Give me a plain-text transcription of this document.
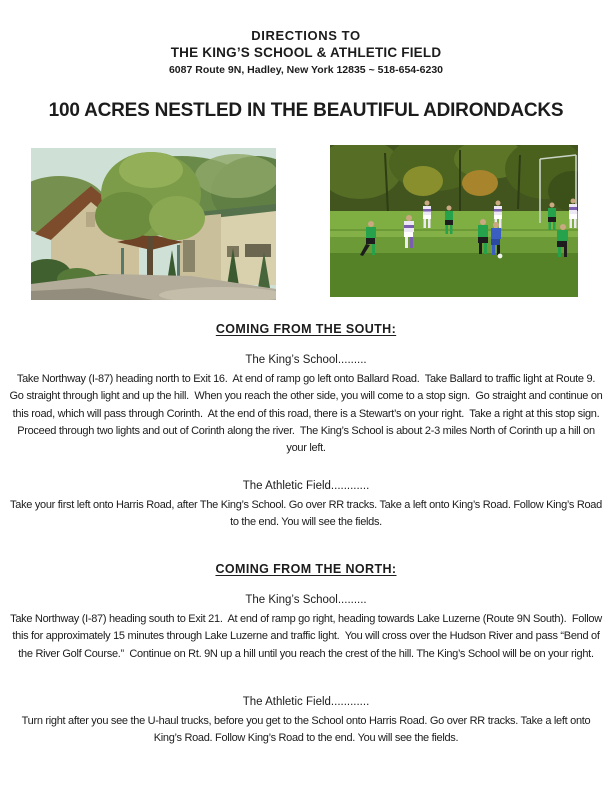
DIRECTIONS TO
THE KING’S SCHOOL & ATHLETIC FIELD
6087 Route 9N, Hadley, New York 12835 ~ 518-654-6230
100 ACRES NESTLED IN THE BEAUTIFUL ADIRONDACKS
COMING FROM THE SOUTH:
The King’s School.........
Take Northway (I-87) heading north to Exit 16.  At end of ramp go left onto Ballard Road.  Take Ballard to traffic light at Route 9.  Go straight through light and up the hill.  When you reach the other side, you will come to a stop sign.  Go straight and continue on this road, which will pass through Corinth.  At the end of this road, there is a Stewart’s on your right.  Take a right at this stop sign.  Proceed through two lights and out of Corinth along the river.  The King’s School is about 2-3 miles North of Corinth up a hill on your left.
The Athletic Field............
Take your first left onto Harris Road, after The King’s School. Go over RR tracks. Take a left onto King’s Road. Follow King’s Road to the end. You will see the fields.
COMING FROM THE NORTH:
The King’s School.........
Take Northway (I-87) heading south to Exit 21.  At end of ramp go right, heading towards Lake Luzerne (Route 9N South).  Follow this for approximately 15 minutes through Lake Luzerne and traffic light.  You will cross over the Hudson River and pass “Bend of the River Golf Course.”  Continue on Rt. 9N up a hill until you reach the crest of the hill. The King’s School will be on your right.
The Athletic Field............
Turn right after you see the U-haul trucks, before you get to the School onto Harris Road. Go over RR tracks. Take a left onto King’s Road. Follow King’s Road to the end. You will see the fields.
